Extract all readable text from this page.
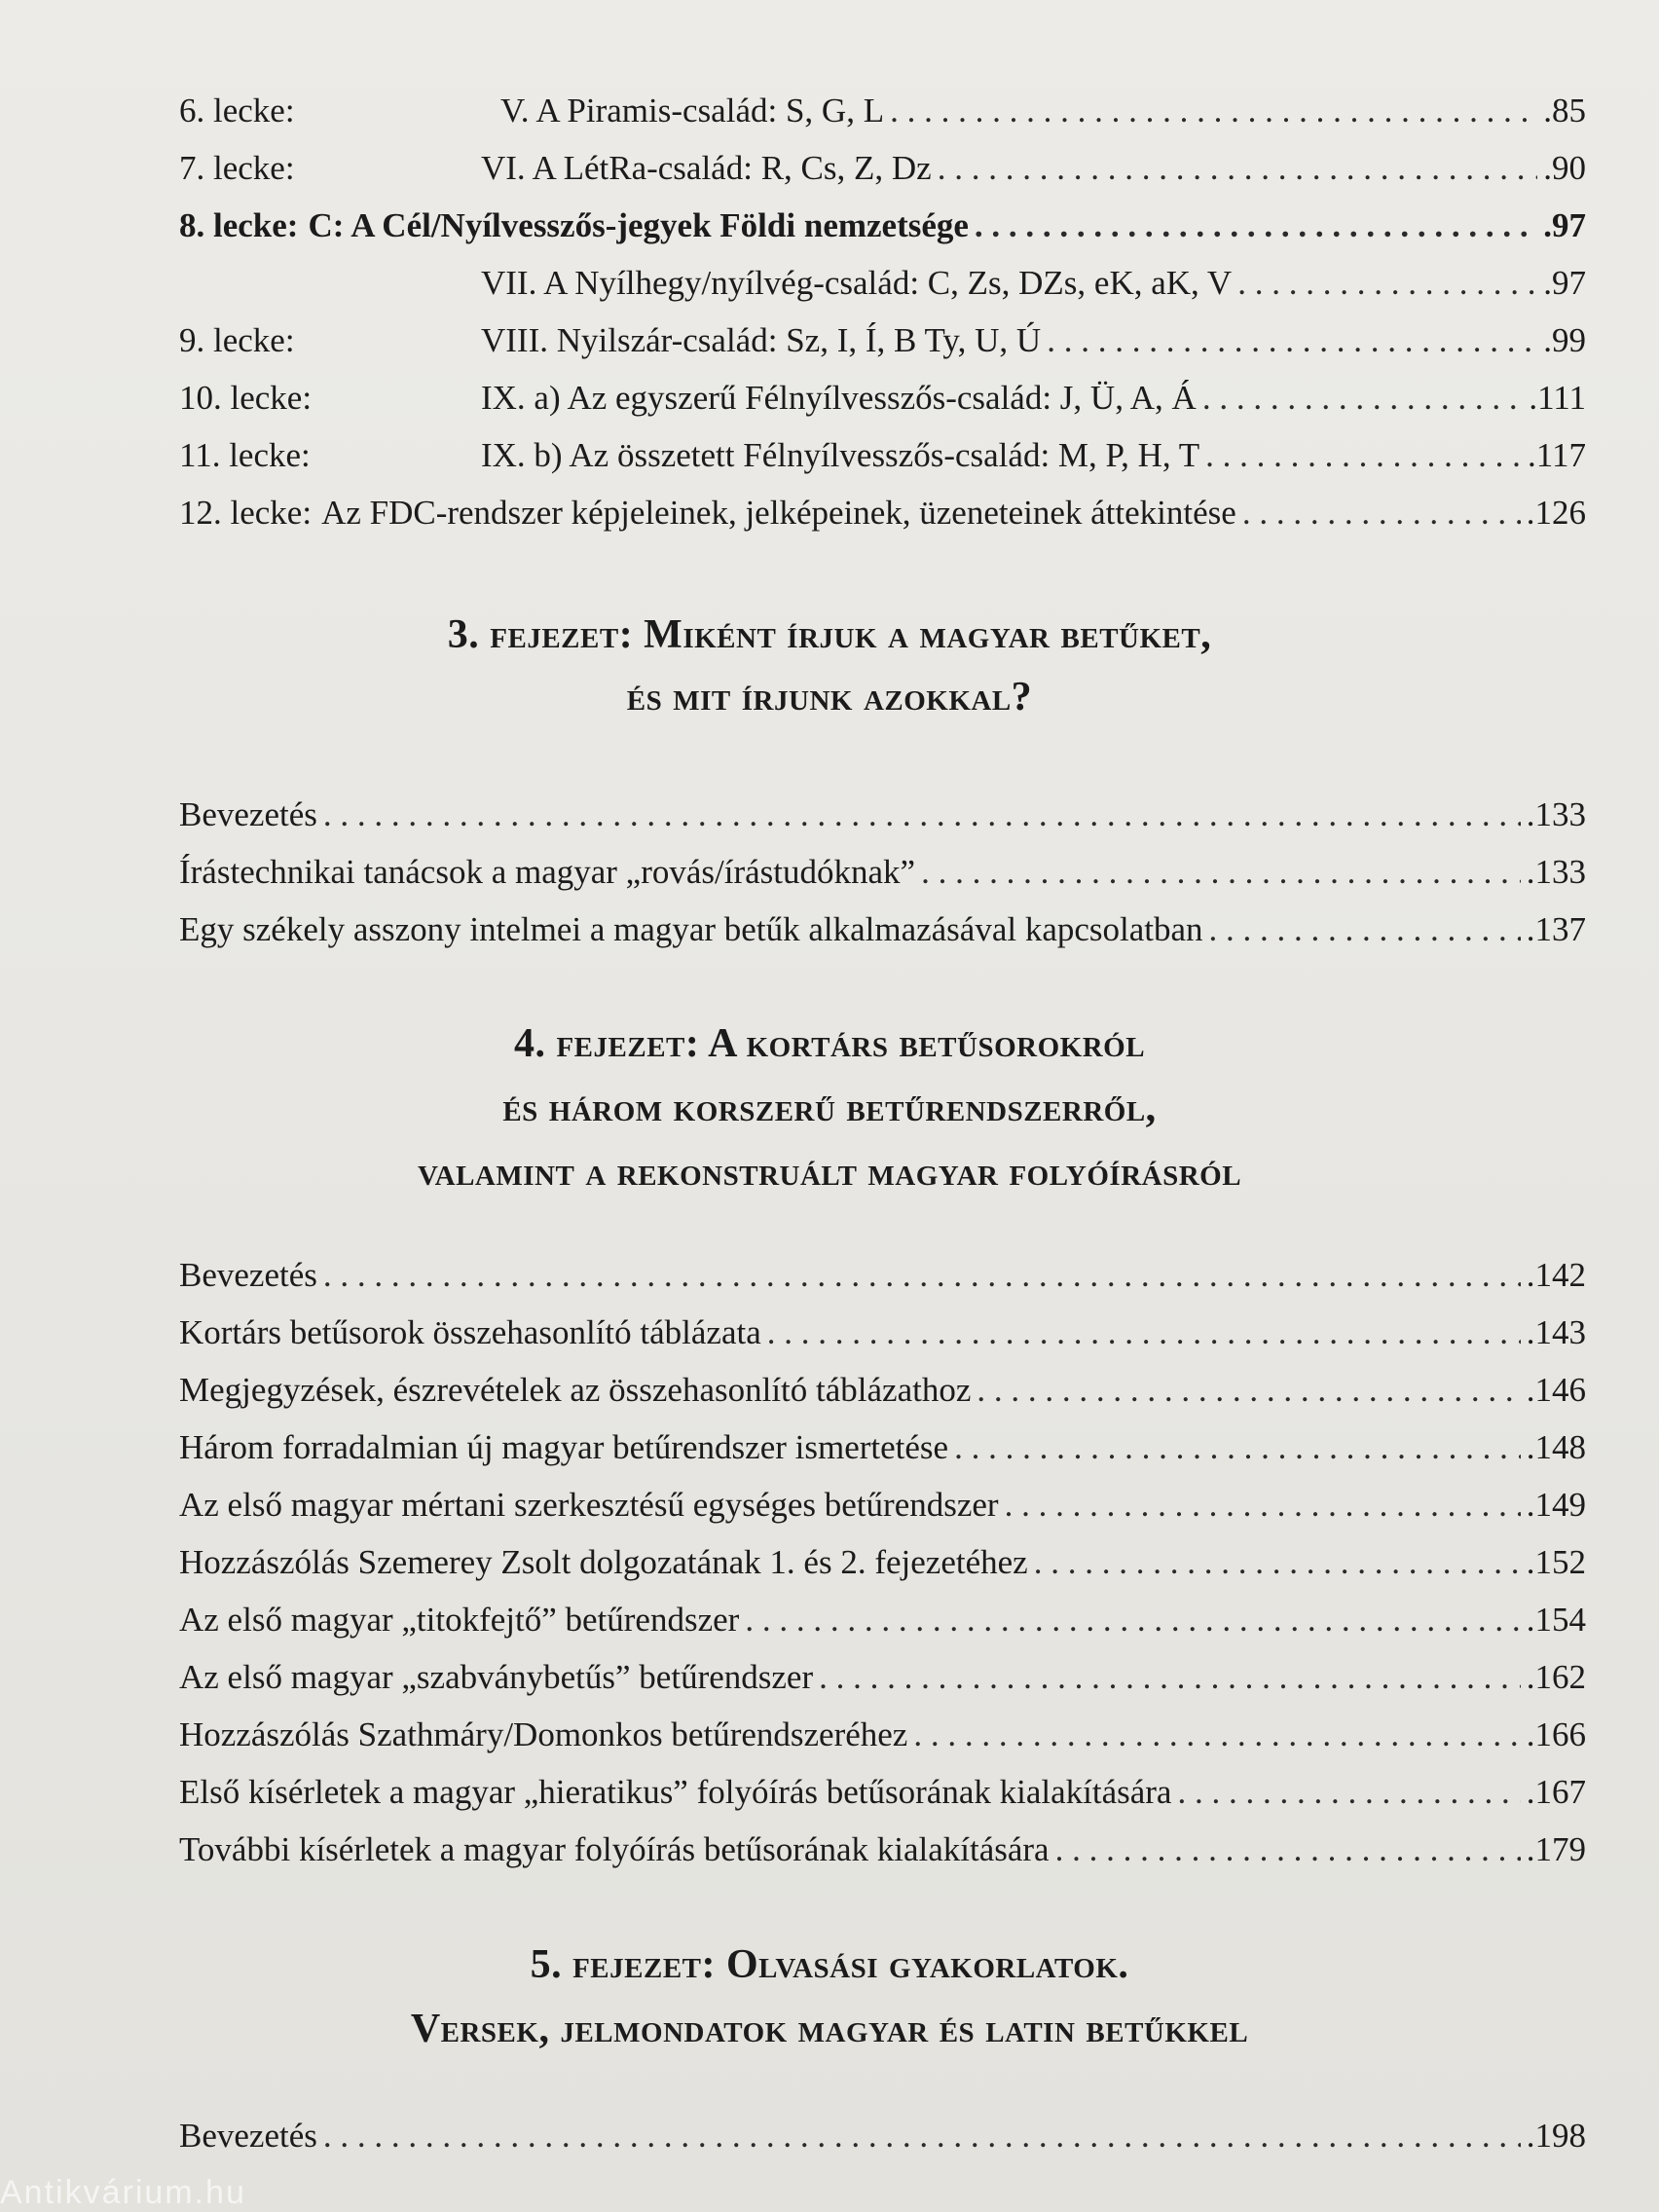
6. lecke:	V. A Piramis-család: S, G, L . . .	.85
7. lecke:	VI. A LétRa-család: R, Cs, Z, Dz . . .	.90
8. lecke: C: A Cél/Nyílvesszős-jegyek Földi nemzetsége . . .	.97
VII. A Nyílhegy/nyílvég-család: C, Zs, DZs, eK, aK, V . . .	.97
9. lecke:	VIII. Nyilszár-család: Sz, I, Í, B Ty, U, Ú . . .	.99
10. lecke:	IX. a) Az egyszerű Félnyílvesszős-család: J, Ü, A, Á . . .	.111
11. lecke:	IX. b) Az összetett Félnyílvesszős-család: M, P, H, T . . .	.117
12. lecke: Az FDC-rendszer képjeleinek, jelképeinek, üzeneteinek áttekintése . . .	.126
3. fejezet: Miként írjuk a magyar betűket,
és mit írjunk azokkal?
Bevezetés . . .	.133
Írástechnikai tanácsok a magyar „rovás/írástudóknak” . . .	.133
Egy székely asszony intelmei a magyar betűk alkalmazásával kapcsolatban . . .	.137
4. fejezet: A kortárs betűsorokról
és három korszerű betűrendszerről,
valamint a rekonstruált magyar folyóírásról
Bevezetés . . .	.142
Kortárs betűsorok összehasonlító táblázata . . .	.143
Megjegyzések, észrevételek az összehasonlító táblázathoz . . .	.146
Három forradalmian új magyar betűrendszer ismertetése . . .	.148
Az első magyar mértani szerkesztésű egységes betűrendszer . . .	.149
Hozzászólás Szemerey Zsolt dolgozatának 1. és 2. fejezetéhez . . .	.152
Az első magyar „titokfejtő” betűrendszer . . .	.154
Az első magyar „szabványbetűs” betűrendszer . . .	.162
Hozzászólás Szathmáry/Domonkos betűrendszeréhez . . .	.166
Első kísérletek a magyar „hieratikus” folyóírás betűsorának kialakítására . . .	.167
További kísérletek a magyar folyóírás betűsorának kialakítására . . .	.179
5. fejezet: Olvasási gyakorlatok.
Versek, jelmondatok magyar és latin betűkkel
Bevezetés . . .	.198
Antikvárium.hu
